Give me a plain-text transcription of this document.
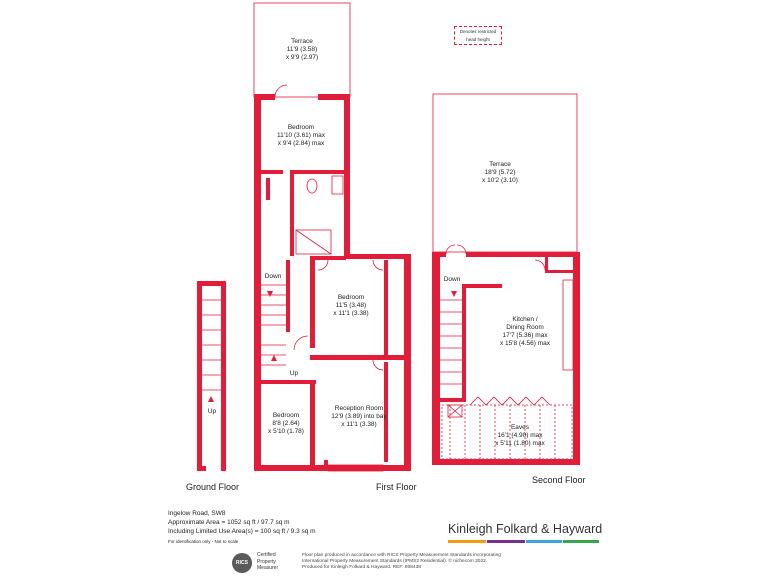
Denotes restricted
head height
Terrace
11'9 (3.58)
x 9'9 (2.97)
Bedroom
11'10 (3.61) max
x 9'4 (2.84) max
Bedroom
11'5 (3.48)
x 11'1 (3.38)
Bedroom
8'8 (2.64)
x 5'10 (1.78)
Reception Room
12'9 (3.89) into bay
x 11'1 (3.38)
Terrace
18'9 (5.72)
x 10'2 (3.10)
Kitchen /
Dining Room
17'7 (5.36) max
x 15'8 (4.56) max
Eaves
16'1 (4.90) max
x 5'11 (1.80) max
Up
Down
Up
Down
Ground Floor	First Floor
Second Floor
Ingelow Road, SW8
Approximate Area = 1052 sq ft / 97.7 sq m
Including Limited Use Area(s) = 100 sq ft / 9.3 sq m
For identification only - Not to scale
Kinleigh Folkard & Hayward
RICS
Certified
Property
Measurer
Floor plan produced in accordance with RICS Property Measurement Standards incorporating
International Property Measurement Standards (IPMS2 Residential). © nichecom 2022.
Produced for Kinleigh Folkard & Hayward. REF: 808438
